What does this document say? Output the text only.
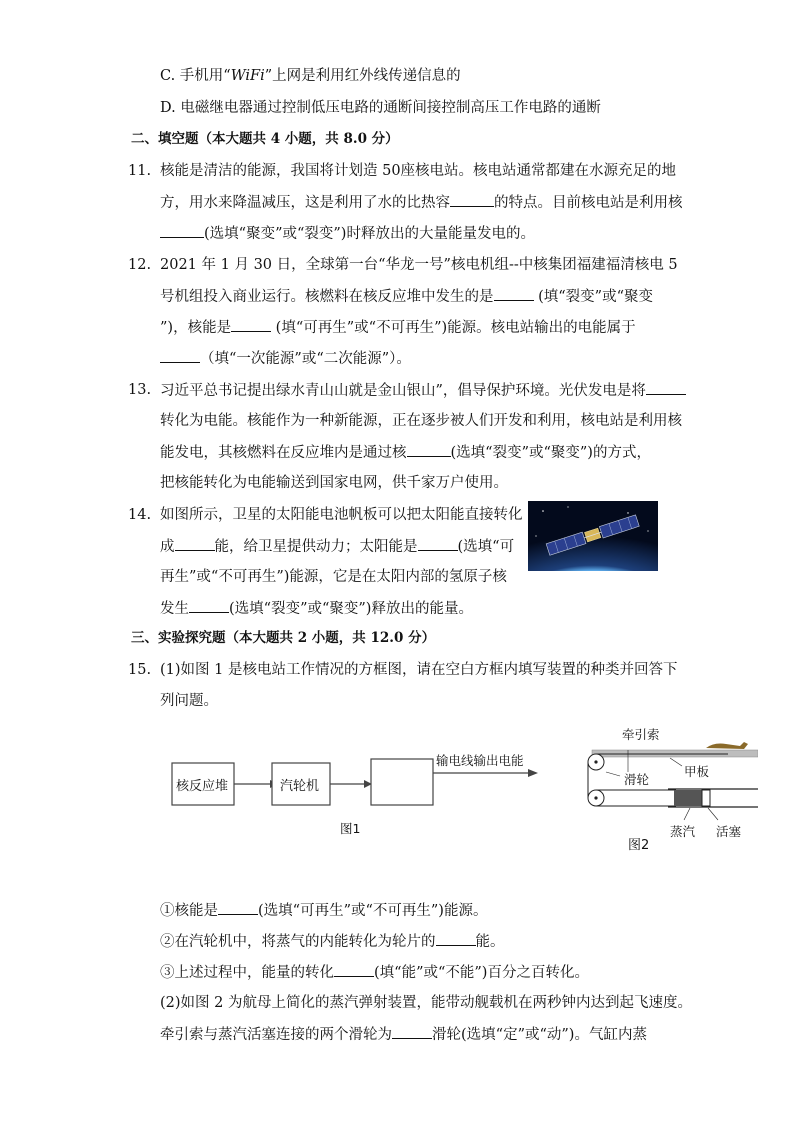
C. 手机用“WiFi”上网是利用红外线传递信息的
D. 电磁继电器通过控制低压电路的通断间接控制高压工作电路的通断
二、填空题（本大题共 4 小题，共 8.0 分）
11. 核能是清洁的能源，我国将计划造 50座核电站。核电站通常都建在水源充足的地
方，用水来降温减压，这是利用了水的比热容	的特点。目前核电站是利用核
(选填“聚变”或“裂变”)时释放出的大量能量发电的。
12. 2021 年 1 月 30 日，全球第一台“华龙一号”核电机组--中核集团福建福清核电 5
号机组投入商业运行。核燃料在核反应堆中发生的是	(填“裂变”或“聚变
”)，核能是	(填“可再生”或“不可再生”)能源。核电站输出的电能属于
（填“一次能源”或“二次能源”）。
13. 习近平总书记提出绿水青山山就是金山银山”，倡导保护环境。光伏发电是将
转化为电能。核能作为一种新能源，正在逐步被人们开发和利用，核电站是利用核
能发电，其核燃料在反应堆内是通过核	(选填“裂变”或“聚变”)的方式，
把核能转化为电能输送到国家电网，供千家万户使用。
14. 如图所示，卫星的太阳能电池帆板可以把太阳能直接转化
成	能，给卫星提供动力；太阳能是	(选填“可
再生”或“不可再生”)能源，它是在太阳内部的氢原子核
发生	(选填“裂变”或“聚变”)释放出的能量。
三、实验探究题（本大题共 2 小题，共 12.0 分）
15. (1)如图 1 是核电站工作情况的方框图，请在空白方框内填写装置的种类并回答下
列问题。
核反应堆	汽轮机
输电线输出电能
图1
牵引索
滑轮
甲板
蒸汽 活塞
图2
①核能是	(选填“可再生”或“不可再生”)能源。
②在汽轮机中，将蒸气的内能转化为轮片的	能。
③上述过程中，能量的转化	(填“能”或“不能”)百分之百转化。
(2)如图 2 为航母上简化的蒸汽弹射装置，能带动舰载机在两秒钟内达到起飞速度。
牵引索与蒸汽活塞连接的两个滑轮为	滑轮(选填“定”或“动”)。气缸内蒸
